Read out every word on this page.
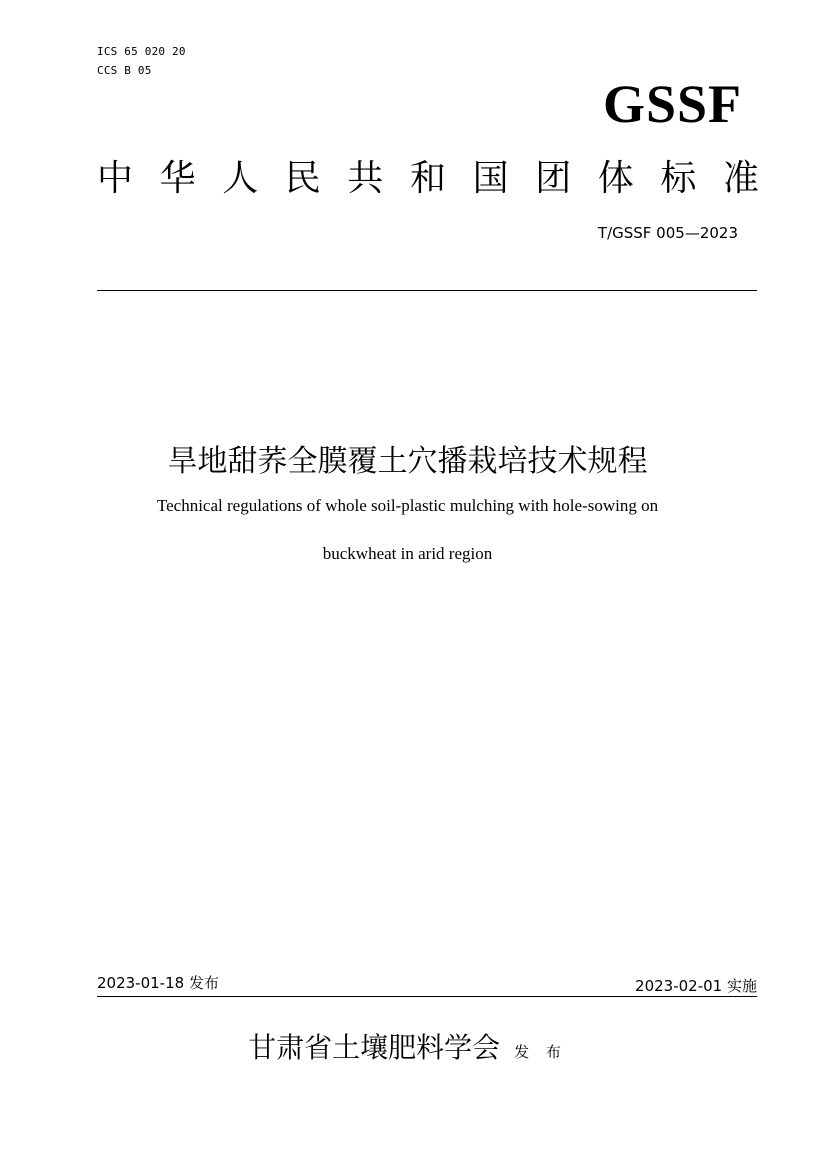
ICS 65 020 20
CCS B 05
GSSF
中华人民共和国团体标准
T/GSSF 005—2023
旱地甜荞全膜覆土穴播栽培技术规程
Technical regulations of whole soil-plastic mulching with hole-sowing on
buckwheat in arid region
2023-01-18 发布	2023-02-01 实施
甘肃省土壤肥料学会 发 布
